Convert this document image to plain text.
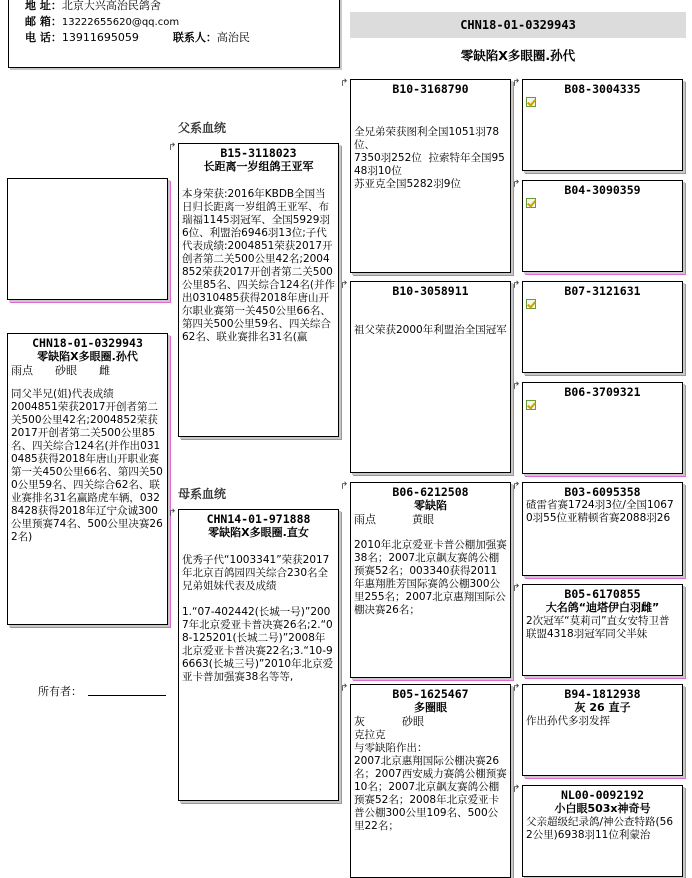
地 址：北京大兴高治民鸽舍
邮 箱：13222655620@qq.com
电 话：13911695059	联系人：高治民
CHN18-01-0329943
零缺陷X多眼圈.孙代
CHN18-01-0329943
零缺陷X多眼圈.孙代
雨点 砂眼 雌
同父半兄(姐)代表成绩
2004851荣获2017开创者第二关500公里42名;2004852荣获2017开创者第二关500公里85名、四关综合124名(并作出0310485获得2018年唐山开职业赛第一关450公里66名、第四关500公里59名、四关综合62名、联业赛排名31名赢路虎车辆，0328428获得2018年辽宁众诚300公里预赛74名、500公里决赛262名)
所有者：
父系血统
母系血统
↱	B15-3118023
长距离一岁组鸽王亚军
本身荣获:2016年KBDB全国当日归长距离一岁组鸽王亚军、布瑞福1145羽冠军、全国5929羽6位、利盟治6946羽13位;子代代表成绩:2004851荣获2017开创者第二关500公里42名;2004852荣获2017开创者第二关500公里85名、四关综合124名(并作出0310485获得2018年唐山开尔职业赛第一关450公里66名、第四关500公里59名、四关综合62名、联业赛排名31名(赢
↱	CHN14-01-971888
零缺陷X多眼圈.直女
优秀子代“1003341”荣获2017年北京百鸽园四关综合230名全兄弟姐妹代表及成绩

1.“07-402442(长城一号)”2007年北京爱亚卡普决赛26名;2.“08-125201(长城二号)”2008年北京爱亚卡普决赛22名;3.“10-96663(长城三号)”2010年北京爱亚卡普加强赛38名等等,
↱	B10-3168790
全兄弟荣获图利全国1051羽78位、
7350羽252位  拉索特年全国9548羽10位
苏亚克全国5282羽9位
↱	B10-3058911
祖父荣获2000年利盟治全国冠军
↱	B06-6212508
零缺陷
雨点	黄眼
2010年北京爱亚卡普公棚加强赛38名；2007北京飙友赛鸽公棚预赛52名；003340获得2011年惠翔胜芳国际赛鸽公棚300公里255名；2007北京惠翔国际公棚决赛26名；
↱	B05-1625467
多圈眼
灰	砂眼
克拉克
与零缺陷作出：
2007北京惠翔国际公棚决赛26名；2007西安威力赛鸽公棚预赛10名；2007北京飙友赛鸽公棚预赛52名；2008年北京爱亚卡普公棚300公里109名、500公里22名；
↱	B08-3004335
↱	B04-3090359
↱	B07-3121631
↱	B06-3709321
↱	B03-6095358
碴雷省赛1724羽3位/全国10670羽55位亚精顿省赛2088羽26
↱	B05-6170855
大名鸽“迪塔伊白羽雌”
2次冠军“莫莉司”直女安特卫普联盟4318羽冠军同父半妹
↱	B94-1812938
灰 26 直子
作出孙代多羽发挥
↱	NL00-0092192
小白眼503x神奇号
父亲超级纪录鸽/神公查特路(562公里)6938羽11位利蒙治
